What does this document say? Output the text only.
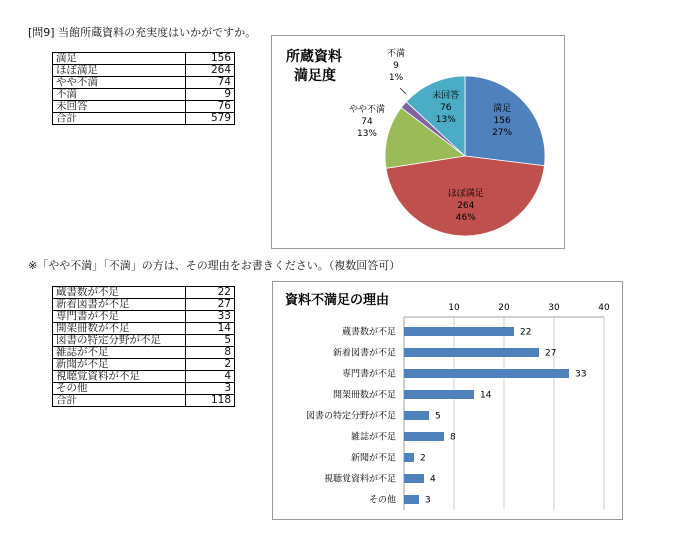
[問9] 当館所蔵資料の充実度はいかがですか。
満足	156
ほぼ満足	264
やや不満	74
不満	9
未回答	76
合計	579
所蔵資料
満足度
満足
156
27%
ほぼ満足
264
46%
やや不満
74
13%
不満
9
1%
未回答
76
13%
※「やや不満」「不満」の方は、その理由をお書きください。（複数回答可）
蔵書数が不足	22
新着図書が不足	27
専門書が不足	33
開架冊数が不足	14
図書の特定分野が不足	5
雑誌が不足	8
新聞が不足	2
視聴覚資料が不足	4
その他	3
合計	118
資料不満足の理由	10	20	30	40
蔵書数が不足	22
新着図書が不足	27
専門書が不足	33
開架冊数が不足	14
図書の特定分野が不足	5
雑誌が不足	8
新聞が不足	2
視聴覚資料が不足	4
その他	3
